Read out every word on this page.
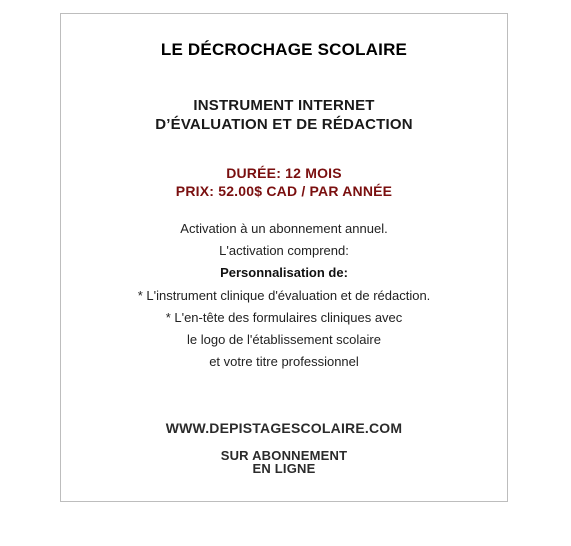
LE DÉCROCHAGE SCOLAIRE
INSTRUMENT INTERNET
D’ÉVALUATION ET DE RÉDACTION
DURÉE: 12 MOIS
PRIX: 52.00$ CAD / PAR ANNÉE
Activation à un abonnement annuel.
L'activation comprend:
Personnalisation de:
* L'instrument clinique d'évaluation et de rédaction.
* L'en-tête des formulaires cliniques avec
le logo de l'établissement scolaire
et votre titre professionnel
WWW.DEPISTAGESCOLAIRE.COM
SUR ABONNEMENT
EN LIGNE
